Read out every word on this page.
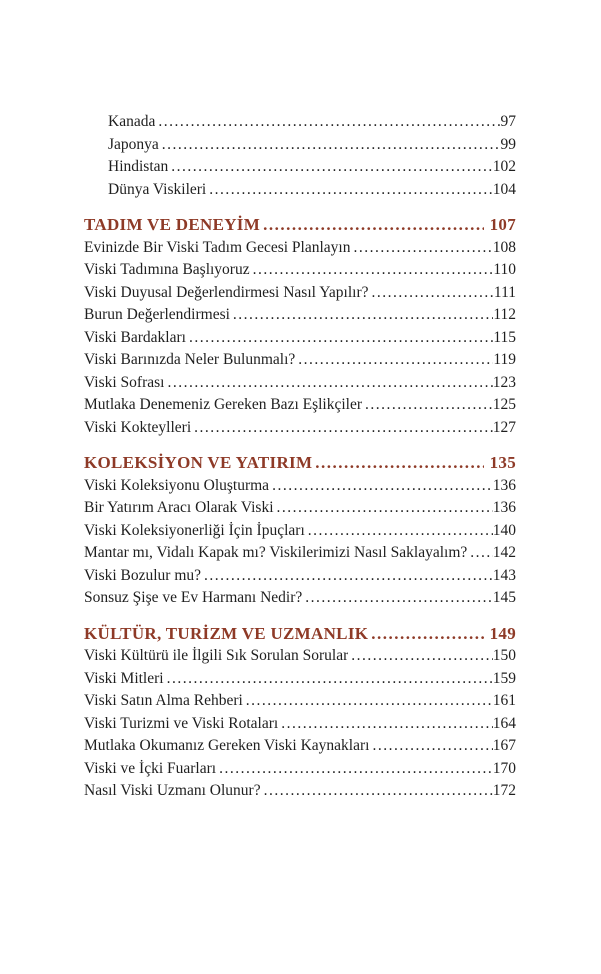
Kanada .....	97
Japonya .....	99
Hindistan .....	102
Dünya Viskileri .....	104
TADIM VE DENEYİM .....	107
Evinizde Bir Viski Tadım Gecesi Planlayın .....	108
Viski Tadımına Başlıyoruz .....	110
Viski Duyusal Değerlendirmesi Nasıl Yapılır? .....	111
Burun Değerlendirmesi .....	112
Viski Bardakları .....	115
Viski Barınızda Neler Bulunmalı? .....	119
Viski Sofrası .....	123
Mutlaka Denemeniz Gereken Bazı Eşlikçiler .....	125
Viski Kokteylleri .....	127
KOLEKSİYON VE YATIRIM .....	135
Viski Koleksiyonu Oluşturma .....	136
Bir Yatırım Aracı Olarak Viski .....	136
Viski Koleksiyonerliği İçin İpuçları .....	140
Mantar mı, Vidalı Kapak mı? Viskilerimizi Nasıl Saklayalım? ..... 142
Viski Bozulur mu? .....	143
Sonsuz Şişe ve Ev Harmanı Nedir? .....	145
KÜLTÜR, TURİZM VE UZMANLIK .....	149
Viski Kültürü ile İlgili Sık Sorulan Sorular .....	150
Viski Mitleri .....	159
Viski Satın Alma Rehberi .....	161
Viski Turizmi ve Viski Rotaları .....	164
Mutlaka Okumanız Gereken Viski Kaynakları .....	167
Viski ve İçki Fuarları .....	170
Nasıl Viski Uzmanı Olunur? .....	172
